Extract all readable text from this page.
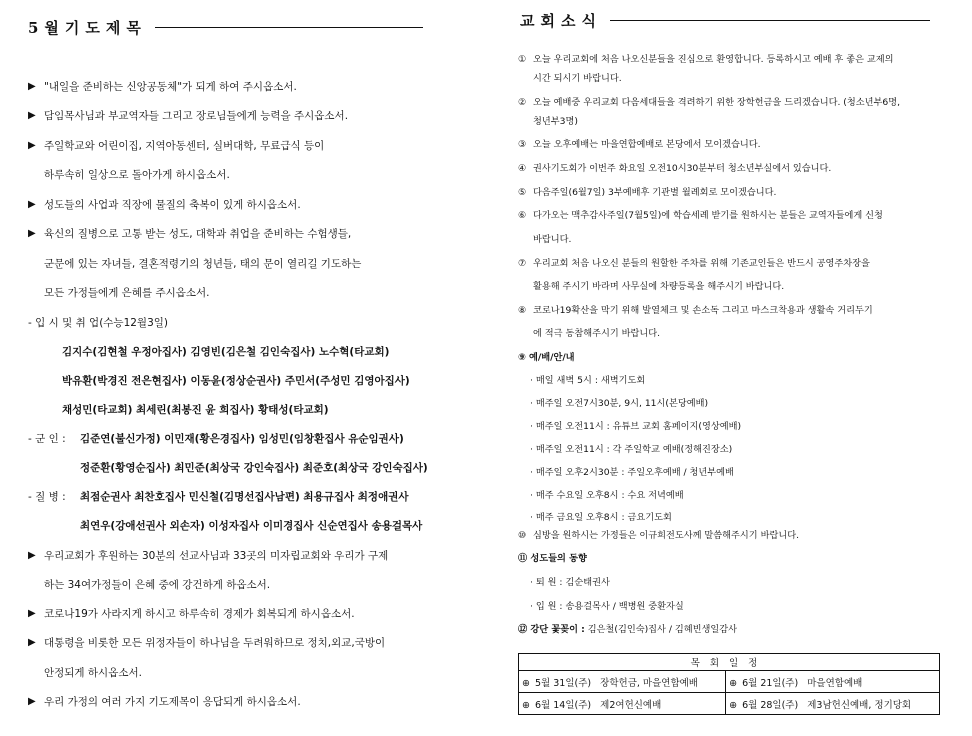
5월기도제목
▶ "내일을 준비하는 신앙공동체"가 되게 하여 주시옵소서.
▶ 담임목사님과 부교역자들 그리고 장로님들에게 능력을 주시옵소서.
▶ 주일학교와 어린이집, 지역아동센터, 실버대학, 무료급식 등이
하루속히 일상으로 돌아가게 하시옵소서.
▶ 성도들의 사업과 직장에 물질의 축복이 있게 하시옵소서.
▶ 육신의 질병으로 고통 받는 성도, 대학과 취업을 준비하는 수험생들,
군문에 있는 자녀들, 결혼적령기의 청년들, 태의 문이 열리길 기도하는
모든 가정들에게 은혜를 주시옵소서.
- 입 시 및 취 업(수능12월3일)
김지수(김현철 우정아집사) 김영빈(김은철 김인숙집사) 노수혁(타교회)
박유환(박경진 전은현집사) 이동윤(정상순권사) 주민서(주성민 김영아집사)
채성민(타교회) 최세린(최봉진 윤 희집사) 황태성(타교회)
- 군 인 : 김준연(불신가정) 이민재(황은경집사) 임성민(임창환집사 유순임권사)
정준환(황영순집사) 최민준(최상국 강인숙집사) 최준호(최상국 강인숙집사)
- 질 병 : 최점순권사 최찬호집사 민신철(김명선집사남편) 최용규집사 최정애권사
최연우(강애선권사 외손자) 이성자집사 이미경집사 신순연집사 송용걸목사
▶ 우리교회가 후원하는 30분의 선교사님과 33곳의 미자립교회와 우리가 구제
하는 34여가정들이 은혜 중에 강건하게 하옵소서.
▶ 코로나19가 사라지게 하시고 하루속히 경제가 회복되게 하시옵소서.
▶ 대통령을 비롯한 모든 위정자들이 하나님을 두려워하므로 정치,외교,국방이
안정되게 하시옵소서.
▶ 우리 가정의 여러 가지 기도제목이 응답되게 하시옵소서.
교회소식
① 오늘 우리교회에 처음 나오신분들을 진심으로 환영합니다. 등록하시고 예배 후 좋은 교제의
시간 되시기 바랍니다.
② 오늘 예배중 우리교회 다음세대들을 격려하기 위한 장학헌금을 드리겠습니다. (청소년부6명,
청년부3명)
③ 오늘 오후예배는 마을연합예배로 본당에서 모이겠습니다.
④ 권사기도회가 이번주 화요일 오전10시30분부터 청소년부실에서 있습니다.
⑤ 다음주일(6월7일) 3부예배후 기관별 월례회로 모이겠습니다.
⑥ 다가오는 맥추감사주일(7월5일)에 학습세례 받기를 원하시는 분들은 교역자들에게 신청
바랍니다.
⑦ 우리교회 처음 나오신 분들의 원할한 주차를 위해 기존교인들은 반드시 공영주차장을
활용해 주시기 바라며 사무실에 차량등록을 해주시기 바랍니다.
⑧ 코로나19확산을 막기 위해 발열체크 및 손소독 그리고 마스크착용과 생활속 거리두기
에 적극 동참해주시기 바랍니다.
⑨ 예/배/안/내
· 매일 새벽 5시 : 새벽기도회
· 매주일 오전7시30분, 9시, 11시(본당예배)
· 매주일 오전11시 : 유튜브 교회 홈페이지(영상예배)
· 매주일 오전11시 : 각 주일학교 예배(정해진장소)
· 매주일 오후2시30분 : 주일오후예배 / 청년부예배
· 매주 수요일 오후8시 : 수요 저녁예배
· 매주 금요일 오후8시 : 금요기도회
⑩ 심방을 원하시는 가정들은 이규희전도사께 말씀해주시기 바랍니다.
⑪ 성도들의 동향
· 퇴 원 : 김순태권사
· 입 원 : 송용걸목사 / 백병원 중환자실
⑫ 강단 꽃꽂이 : 김은철(김인숙)집사 / 김혜빈생일감사
목회일정	
⊕ 5월 31일(주) 장학헌금, 마을연합예배	⊕ 6월 21일(주) 마을연합예배
⊕ 6월 14일(주) 제2여헌신예배	⊕ 6월 28일(주) 제3남헌신예배, 정기당회
